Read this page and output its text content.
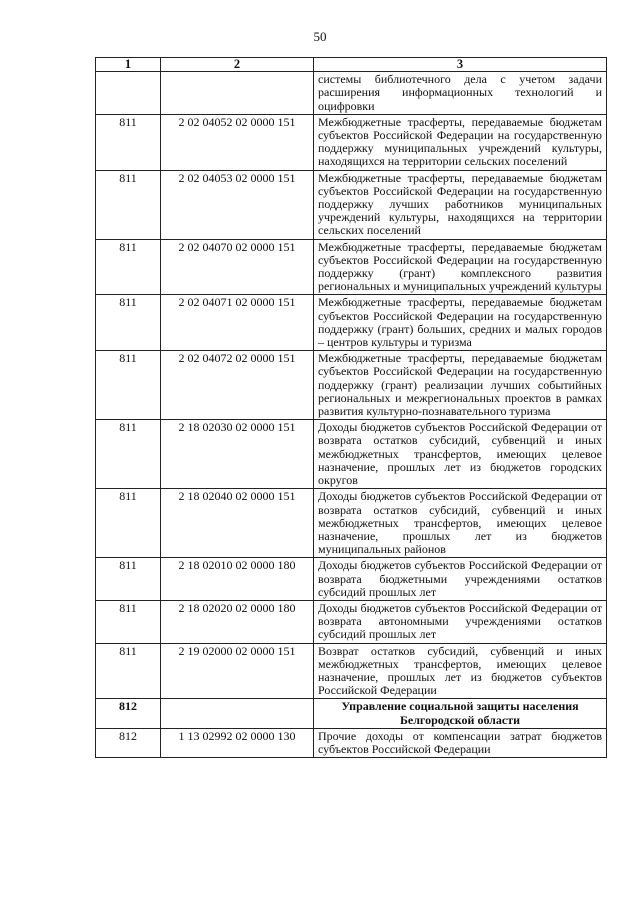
50
1	2	3
		системы библиотечного дела с учетом задачи расширения информационных технологий и оцифровки
811	2 02 04052 02 0000 151	Межбюджетные трасферты, передаваемые бюджетам субъектов Российской Федерации на государственную поддержку муниципальных учреждений культуры, находящихся на территории сельских поселений
811	2 02 04053 02 0000 151	Межбюджетные трасферты, передаваемые бюджетам субъектов Российской Федерации на государственную поддержку лучших работников муниципальных учреждений культуры, находящихся на территории сельских поселений
811	2 02 04070 02 0000 151	Межбюджетные трасферты, передаваемые бюджетам субъектов Российской Федерации на государственную поддержку (грант) комплексного развития региональных и муниципальных учреждений культуры
811	2 02 04071 02 0000 151	Межбюджетные трасферты, передаваемые бюджетам субъектов Российской Федерации на государственную поддержку (грант) больших, средних и малых городов – центров культуры и туризма
811	2 02 04072 02 0000 151	Межбюджетные трасферты, передаваемые бюджетам субъектов Российской Федерации на государственную поддержку (грант) реализации лучших событийных региональных и межрегиональных проектов в рамках развития культурно-познавательного туризма
811	2 18 02030 02 0000 151	Доходы бюджетов субъектов Российской Федерации от возврата остатков субсидий, субвенций и иных межбюджетных трансфертов, имеющих целевое назначение, прошлых лет из бюджетов городских округов
811	2 18 02040 02 0000 151	Доходы бюджетов субъектов Российской Федерации от возврата остатков субсидий, субвенций и иных межбюджетных трансфертов, имеющих целевое назначение, прошлых лет из бюджетов муниципальных районов
811	2 18 02010 02 0000 180	Доходы бюджетов субъектов Российской Федерации от возврата бюджетными учреждениями остатков субсидий прошлых лет
811	2 18 02020 02 0000 180	Доходы бюджетов субъектов Российской Федерации от возврата автономными учреждениями остатков субсидий прошлых лет
811	2 19 02000 02 0000 151	Возврат остатков субсидий, субвенций и иных межбюджетных трансфертов, имеющих целевое назначение, прошлых лет из бюджетов субъектов Российской Федерации
812		Управление социальной защиты населения Белгородской области
812	1 13 02992 02 0000 130	Прочие доходы от компенсации затрат бюджетов субъектов Российской Федерации
